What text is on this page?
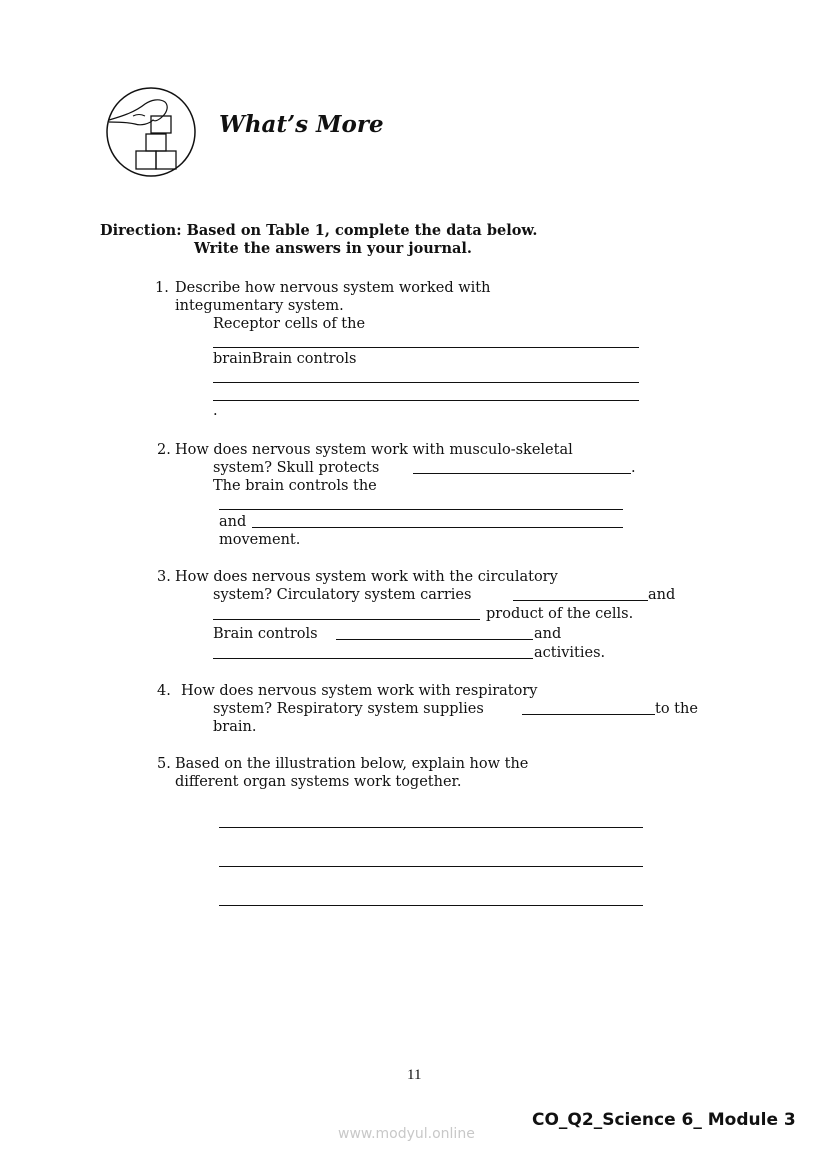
What’s More
Direction: Based on Table 1, complete the data below.
Write the answers in your journal.
1. Describe how nervous system worked with
integumentary system.
Receptor cells of the
brainBrain controls
.
2. How does nervous system work with musculo-skeletal
system? Skull protects	.
The brain controls the
and
movement.
3. How does nervous system work with the circulatory
system? Circulatory system carries	and
product of the cells.
Brain controls	and
activities.
4. How does nervous system work with respiratory
system? Respiratory system supplies	to the
brain.
5. Based on the illustration below, explain how the
different organ systems work together.
11
CO_Q2_Science 6_ Module 3
www.modyul.online
